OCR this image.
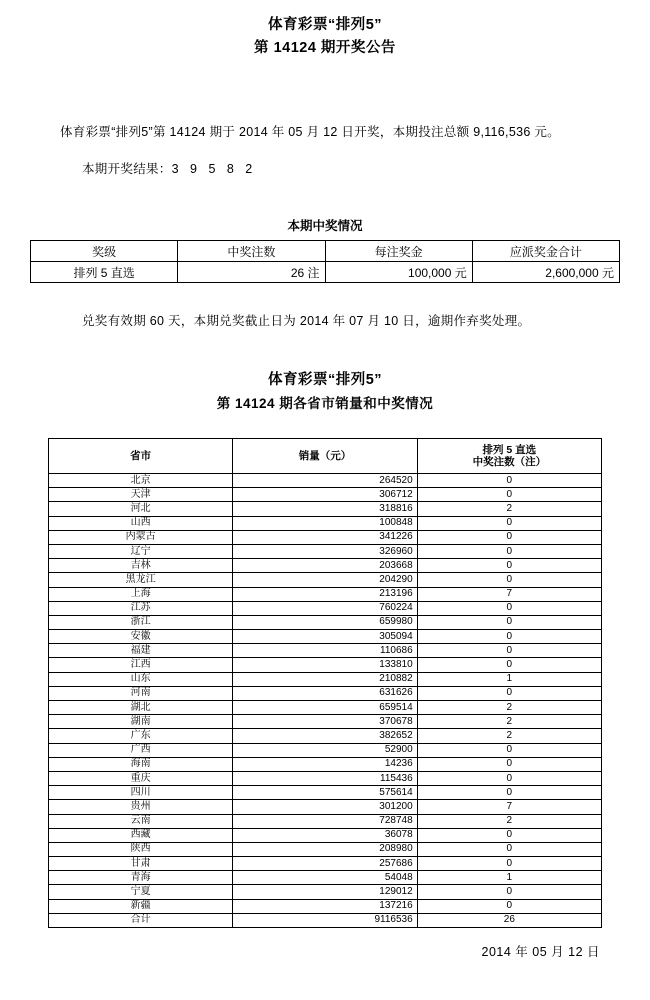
体育彩票“排列5”
第 14124 期开奖公告
体育彩票“排列5”第 14124 期于 2014 年 05 月 12 日开奖，本期投注总额 9,116,536 元。
本期开奖结果：3 9 5 8 2
本期中奖情况
奖级	中奖注数	每注奖金	应派奖金合计
排列 5 直选	26 注	100,000 元	2,600,000 元
兑奖有效期 60 天，本期兑奖截止日为 2014 年 07 月 10 日，逾期作弃奖处理。
体育彩票“排列5”
第 14124 期各省市销量和中奖情况
省市	销量（元）	排列 5 直选
中奖注数（注）

北京	264520	0
天津	306712	0
河北	318816	2
山西	100848	0
内蒙古	341226	0
辽宁	326960	0
吉林	203668	0
黑龙江	204290	0
上海	213196	7
江苏	760224	0
浙江	659980	0
安徽	305094	0
福建	110686	0
江西	133810	0
山东	210882	1
河南	631626	0
湖北	659514	2
湖南	370678	2
广东	382652	2
广西	52900	0
海南	14236	0
重庆	115436	0
四川	575614	0
贵州	301200	7
云南	728748	2
西藏	36078	0
陕西	208980	0
甘肃	257686	0
青海	54048	1
宁夏	129012	0
新疆	137216	0
合计	9116536	26
2014 年 05 月 12 日
